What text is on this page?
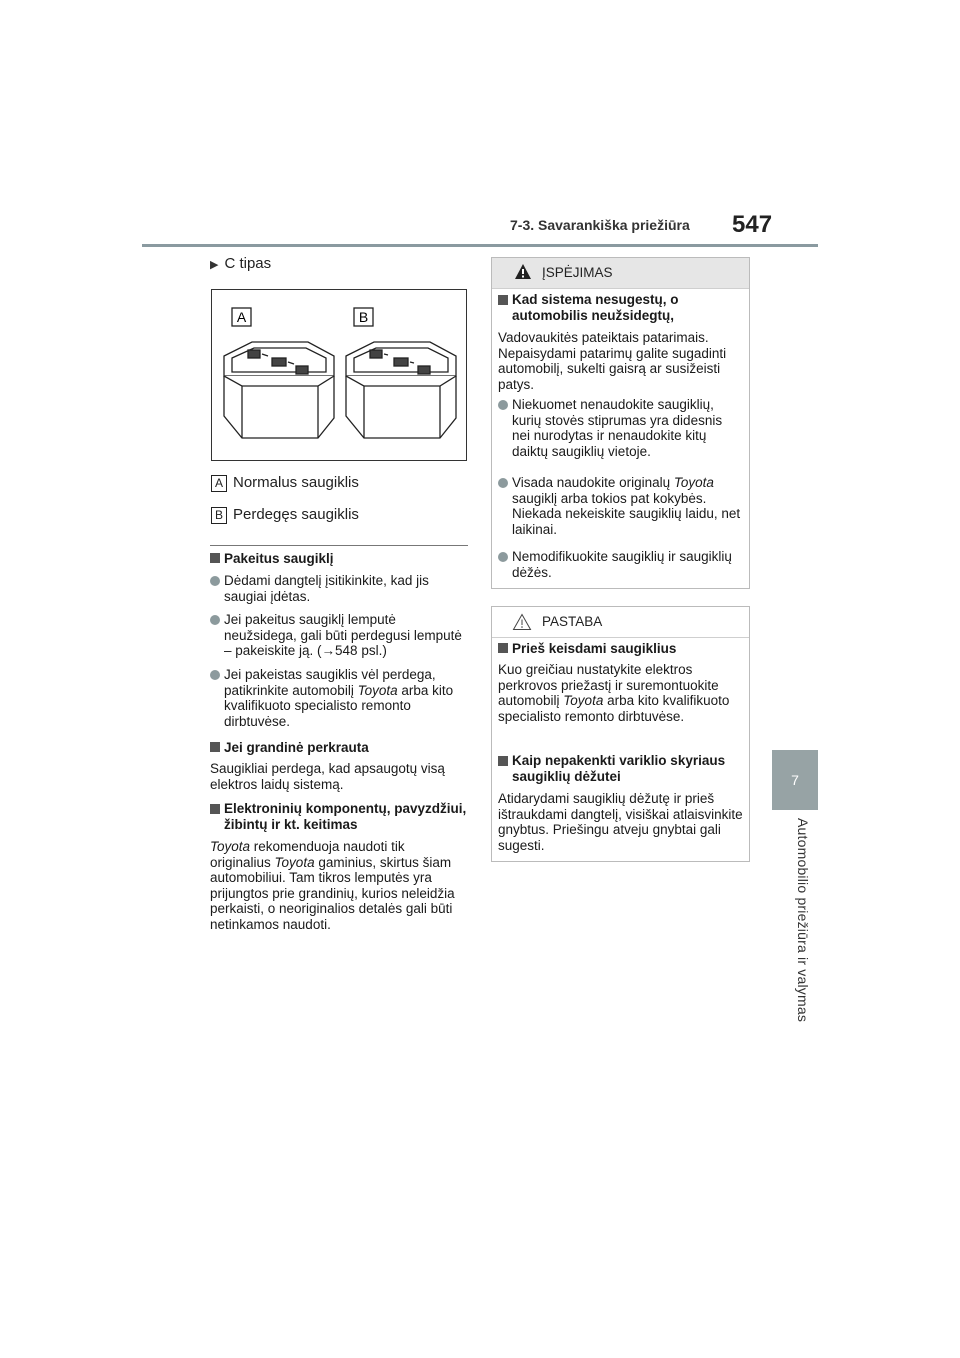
7-3. Savarankiška priežiūra 547
7
Automobilio priežiūra ir valymas
▶ C tipas
A	B
A Normalus saugiklis
B Perdegęs saugiklis
Pakeitus saugiklį
Dėdami dangtelį įsitikinkite, kad jis saugiai įdėtas.
Jei pakeitus saugiklį lemputė neužsidega, gali būti perdegusi lemputė – pakeiskite ją. (→548 psl.)
Jei pakeistas saugiklis vėl perdega, patikrinkite automobilį Toyota arba kito kvalifikuoto specialisto remonto dirbtuvėse.
Jei grandinė perkrauta
Saugikliai perdega, kad apsaugotų visą elektros laidų sistemą.
Elektroninių komponentų, pavyzdžiui, žibintų ir kt. keitimas
Toyota rekomenduoja naudoti tik originalius Toyota gaminius, skirtus šiam automobiliui. Tam tikros lemputės yra prijungtos prie grandinių, kurios neleidžia perkaisti, o neoriginalios detalės gali būti netinkamos naudoti.
ĮSPĖJIMAS
Kad sistema nesugestų, o automobilis neužsidegtų,
Vadovaukitės pateiktais patarimais. Nepaisydami patarimų galite sugadinti automobilį, sukelti gaisrą ar susižeisti patys.
Niekuomet nenaudokite saugiklių, kurių stovės stiprumas yra didesnis nei nurodytas ir nenaudokite kitų daiktų saugiklių vietoje.
Visada naudokite originalų Toyota saugiklį arba tokios pat kokybės. Niekada nekeiskite saugiklių laidu, net laikinai.
Nemodifikuokite saugiklių ir saugiklių dėžės.
PASTABA
Prieš keisdami saugiklius
Kuo greičiau nustatykite elektros perkrovos priežastį ir suremontuokite automobilį Toyota arba kito kvalifikuoto specialisto remonto dirbtuvėse.
Kaip nepakenkti variklio skyriaus saugiklių dėžutei
Atidarydami saugiklių dėžutę ir prieš ištraukdami dangtelį, visiškai atlaisvinkite gnybtus. Priešingu atveju gnybtai gali sugesti.
